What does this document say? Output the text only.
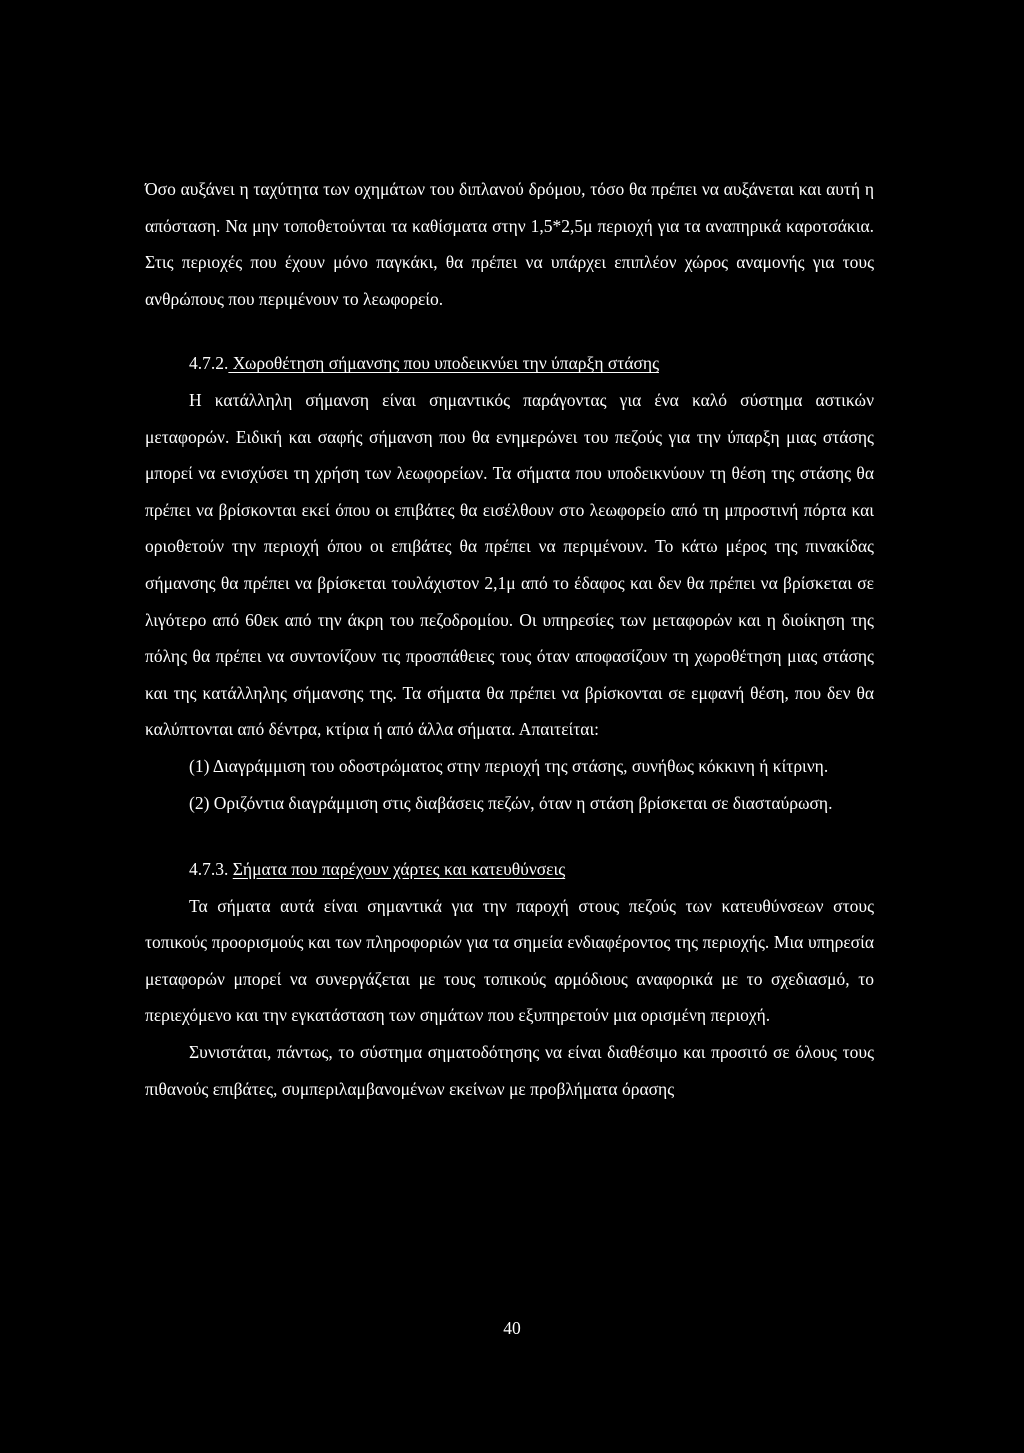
Όσο αυξάνει η ταχύτητα των οχημάτων του διπλανού δρόμου, τόσο θα πρέπει να αυξάνεται και αυτή η απόσταση. Να μην τοποθετούνται τα καθίσματα στην 1,5*2,5μ περιοχή για τα αναπηρικά καροτσάκια. Στις περιοχές που έχουν μόνο παγκάκι, θα πρέπει να υπάρχει επιπλέον χώρος αναμονής για τους ανθρώπους που περιμένουν το λεωφορείο.

4.7.2. Χωροθέτηση σήμανσης που υποδεικνύει την ύπαρξη στάσης

Η κατάλληλη σήμανση είναι σημαντικός παράγοντας για ένα καλό σύστημα αστικών μεταφορών. Ειδική και σαφής σήμανση που θα ενημερώνει του πεζούς για την ύπαρξη μιας στάσης μπορεί να ενισχύσει τη χρήση των λεωφορείων. Τα σήματα που υποδεικνύουν τη θέση της στάσης θα πρέπει να βρίσκονται εκεί όπου οι επιβάτες θα εισέλθουν στο λεωφορείο από τη μπροστινή πόρτα και οριοθετούν την περιοχή όπου οι επιβάτες θα πρέπει να περιμένουν. Το κάτω μέρος της πινακίδας σήμανσης θα πρέπει να βρίσκεται τουλάχιστον 2,1μ από το έδαφος και δεν θα πρέπει να βρίσκεται σε λιγότερο από 60εκ από την άκρη του πεζοδρομίου. Οι υπηρεσίες των μεταφορών και η διοίκηση της πόλης θα πρέπει να συντονίζουν τις προσπάθειες τους όταν αποφασίζουν τη χωροθέτηση μιας στάσης και της κατάλληλης σήμανσης της. Τα σήματα θα πρέπει να βρίσκονται σε εμφανή θέση, που δεν θα καλύπτονται από δέντρα, κτίρια ή από άλλα σήματα. Απαιτείται:

(1) Διαγράμμιση του οδοστρώματος στην περιοχή της στάσης, συνήθως κόκκινη ή κίτρινη.

(2) Οριζόντια διαγράμμιση στις διαβάσεις πεζών, όταν η στάση βρίσκεται σε διασταύρωση.

4.7.3. Σήματα που παρέχουν χάρτες και κατευθύνσεις

Τα σήματα αυτά είναι σημαντικά για την παροχή στους πεζούς των κατευθύνσεων στους τοπικούς προορισμούς και των πληροφοριών για τα σημεία ενδιαφέροντος της περιοχής. Μια υπηρεσία μεταφορών μπορεί να συνεργάζεται με τους τοπικούς αρμόδιους αναφορικά με το σχεδιασμό, το περιεχόμενο και την εγκατάσταση των σημάτων που εξυπηρετούν μια ορισμένη περιοχή.

Συνιστάται, πάντως, το σύστημα σηματοδότησης να είναι διαθέσιμο και προσιτό σε όλους τους πιθανούς επιβάτες, συμπεριλαμβανομένων εκείνων με προβλήματα όρασης

40
